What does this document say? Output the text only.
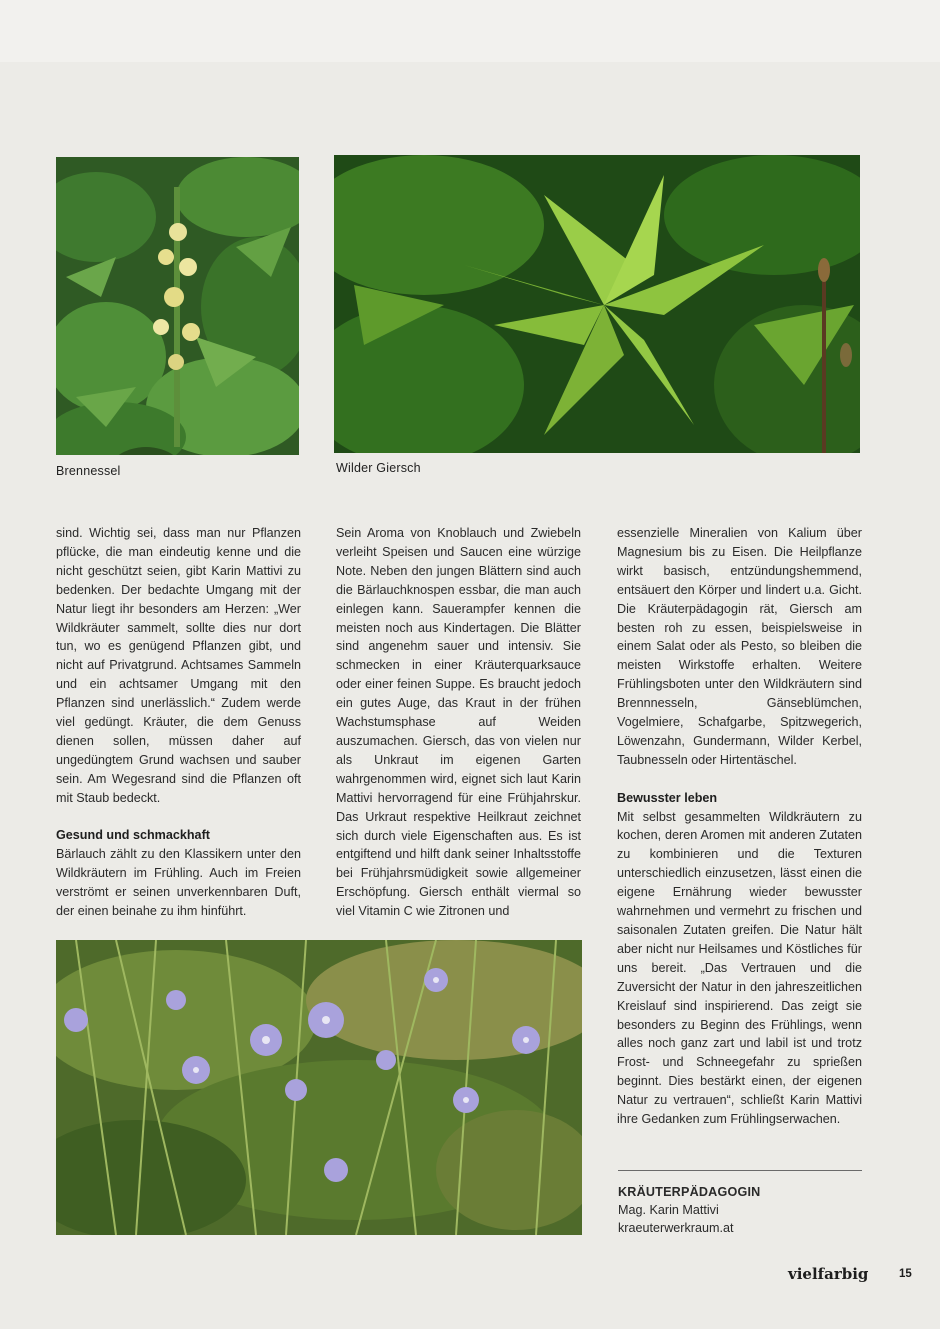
Brennessel	Wilder Giersch

sind. Wichtig sei, dass man nur Pflanzen pflücke, die man eindeutig kenne und die nicht geschützt seien, gibt Karin Mattivi zu bedenken. Der bedachte Umgang mit der Natur liegt ihr besonders am Herzen: „Wer Wildkräuter sammelt, sollte dies nur dort tun, wo es genügend Pflanzen gibt, und nicht auf Privatgrund. Achtsames Sammeln und ein achtsamer Umgang mit den Pflanzen sind unerlässlich.“ Zudem werde viel gedüngt. Kräuter, die dem Genuss dienen sollen, müssen daher auf ungedüngtem Grund wachsen und sauber sein. Am Wegesrand sind die Pflanzen oft mit Staub bedeckt.

Gesund und schmackhaft

Bärlauch zählt zu den Klassikern unter den Wildkräutern im Frühling. Auch im Freien verströmt er seinen unverkennbaren Duft, der einen beinahe zu ihm hinführt.

Sein Aroma von Knoblauch und Zwiebeln verleiht Speisen und Saucen eine würzige Note. Neben den jungen Blättern sind auch die Bärlauchknospen essbar, die man auch einlegen kann. Sauerampfer kennen die meisten noch aus Kindertagen. Die Blätter sind angenehm sauer und intensiv. Sie schmecken in einer Kräuterquarksauce oder einer feinen Suppe. Es braucht jedoch ein gutes Auge, das Kraut in der frühen Wachstumsphase auf Weiden auszumachen. Giersch, das von vielen nur als Unkraut im eigenen Garten wahrgenommen wird, eignet sich laut Karin Mattivi hervorragend für eine Frühjahrskur. Das Urkraut respektive Heilkraut zeichnet sich durch viele Eigenschaften aus. Es ist entgiftend und hilft dank seiner Inhaltsstoffe bei Frühjahrsmüdigkeit sowie allgemeiner Erschöpfung. Giersch enthält viermal so viel Vitamin C wie Zitronen und

essenzielle Mineralien von Kalium über Magnesium bis zu Eisen. Die Heilpflanze wirkt basisch, entzündungshemmend, entsäuert den Körper und lindert u.a. Gicht. Die Kräuterpädagogin rät, Giersch am besten roh zu essen, beispielsweise in einem Salat oder als Pesto, so bleiben die meisten Wirkstoffe erhalten. Weitere Frühlingsboten unter den Wildkräutern sind Brennnesseln, Gänseblümchen, Vogelmiere, Schafgarbe, Spitzwegerich, Löwenzahn, Gundermann, Wilder Kerbel, Taubnesseln oder Hirtentäschel.

Bewusster leben

Mit selbst gesammelten Wildkräutern zu kochen, deren Aromen mit anderen Zutaten zu kombinieren und die Texturen unterschiedlich einzusetzen, lässt einen die eigene Ernährung wieder bewusster wahrnehmen und vermehrt zu frischen und saisonalen Zutaten greifen. Die Natur hält aber nicht nur Heilsames und Köstliches für uns bereit. „Das Vertrauen und die Zuversicht der Natur in den jahreszeitlichen Kreislauf sind inspirierend. Das zeigt sie besonders zu Beginn des Frühlings, wenn alles noch ganz zart und labil ist und trotz Frost- und Schneegefahr zu sprießen beginnt. Dies bestärkt einen, der eigenen Natur zu vertrauen“, schließt Karin Mattivi ihre Gedanken zum Frühlingserwachen.

KRÄUTERPÄDAGOGIN
Mag. Karin Mattivi
kraeuterwerkraum.at
vielfarbig	15
